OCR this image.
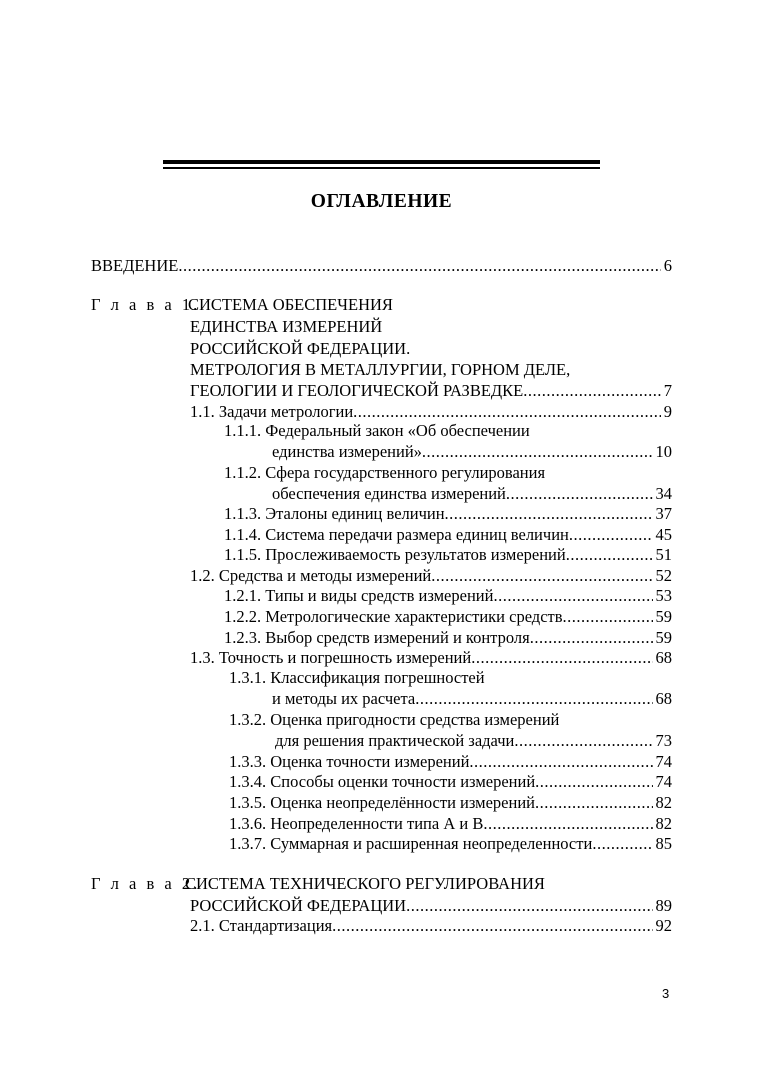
ОГЛАВЛЕНИЕ
ВВЕДЕНИЕ .....	6
Г л а в а 1.
СИСТЕМА ОБЕСПЕЧЕНИЯ
ЕДИНСТВА ИЗМЕРЕНИЙ
РОССИЙСКОЙ ФЕДЕРАЦИИ.
МЕТРОЛОГИЯ В МЕТАЛЛУРГИИ, ГОРНОМ ДЕЛЕ,
ГЕОЛОГИИ И ГЕОЛОГИЧЕСКОЙ РАЗВЕДКЕ .....	7
1.1. Задачи метрологии .....	9
1.1.1. Федеральный закон «Об обеспечении
единства измерений» .....	10
1.1.2. Сфера государственного регулирования
обеспечения единства измерений .....	34
1.1.3. Эталоны единиц величин .....	37
1.1.4. Система передачи размера единиц величин .....	45
1.1.5. Прослеживаемость результатов измерений .....	51
1.2. Средства и методы измерений .....	52
1.2.1. Типы и виды средств измерений .....	53
1.2.2. Метрологические характеристики средств .....	59
1.2.3. Выбор средств измерений и контроля .....	59
1.3. Точность и погрешность измерений .....	68
1.3.1. Классификация погрешностей
и методы их расчета .....	68
1.3.2. Оценка пригодности средства измерений
для решения практической задачи .....	73
1.3.3. Оценка точности измерений .....	74
1.3.4. Способы оценки точности измерений .....	74
1.3.5. Оценка неопределённости измерений .....	82
1.3.6. Неопределенности типа А и В .....	82
1.3.7. Суммарная и расширенная неопределенности .....	85
Г л а в а 2.
СИСТЕМА ТЕХНИЧЕСКОГО РЕГУЛИРОВАНИЯ
РОССИЙСКОЙ ФЕДЕРАЦИИ .....	89
2.1. Стандартизация .....	92
3
